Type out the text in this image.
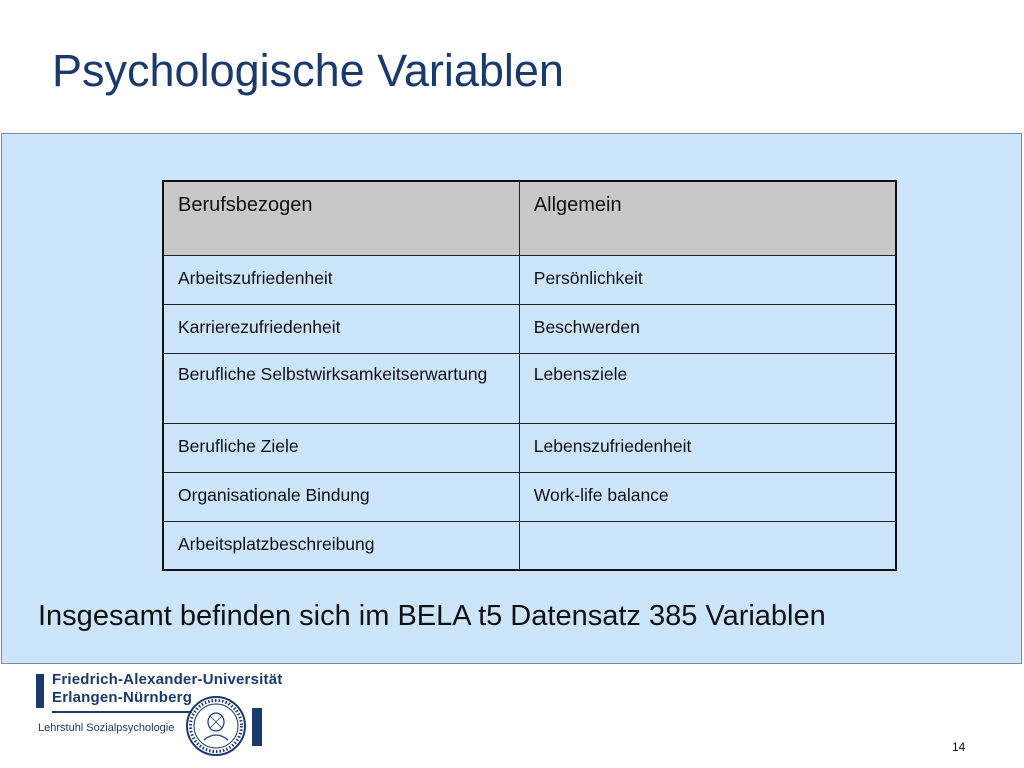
Psychologische Variablen
Berufsbezogen	Allgemein
Arbeitszufriedenheit	Persönlichkeit
Karrierezufriedenheit	Beschwerden
Berufliche Selbstwirksamkeitserwartung	Lebensziele
Berufliche Ziele	Lebenszufriedenheit
Organisationale Bindung	Work-life balance
Arbeitsplatzbeschreibung	

Insgesamt befinden sich im BELA t5 Datensatz 385 Variablen

Friedrich-Alexander-Universität
Erlangen-Nürnberg
Lehrstuhl Sozialpsychologie
14
